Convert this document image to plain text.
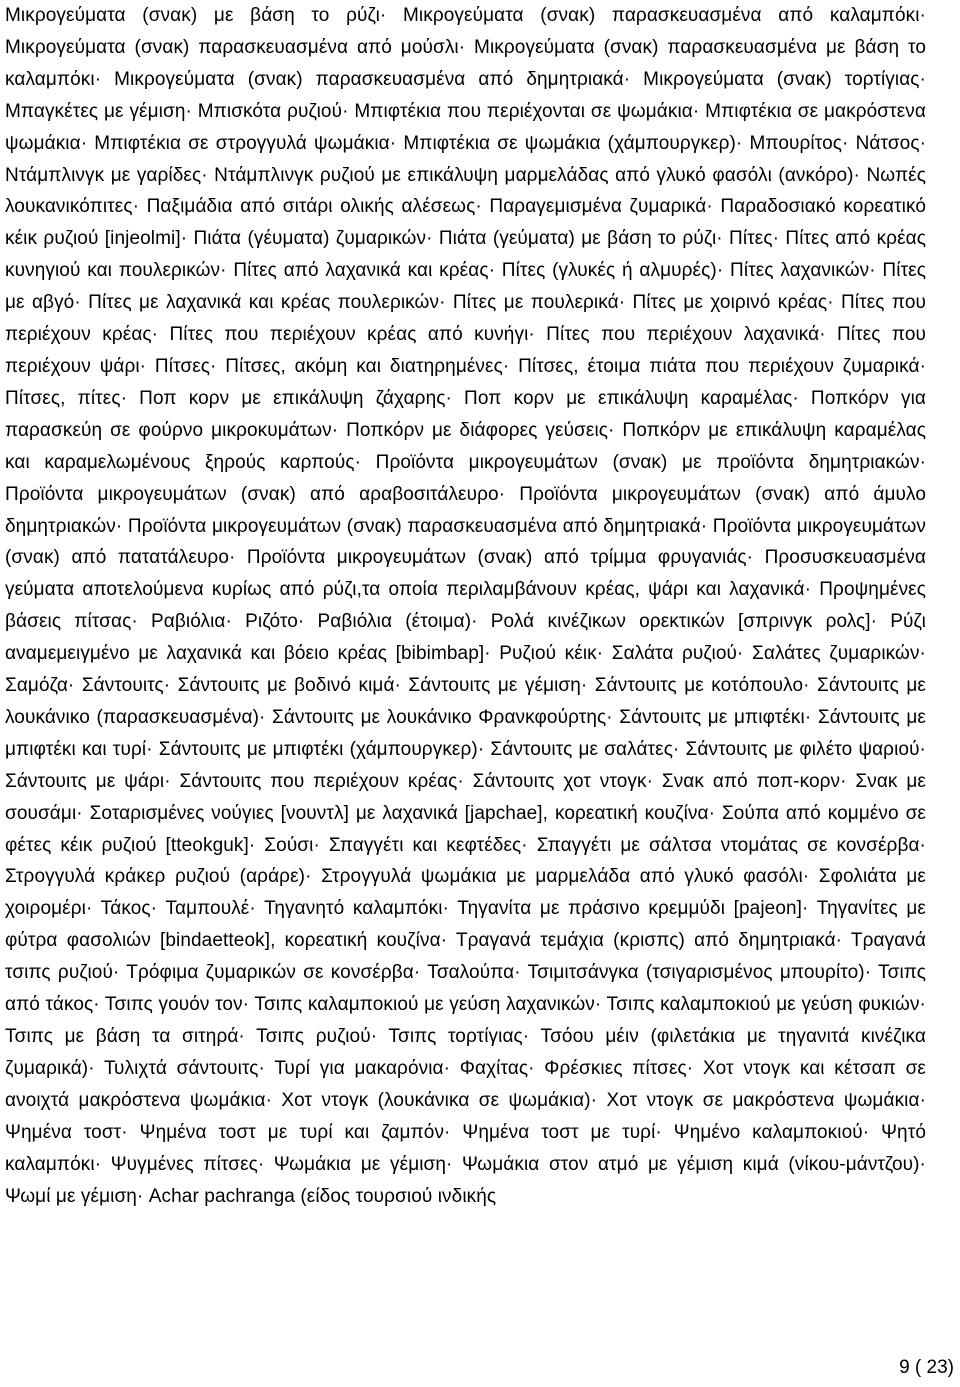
Μικρογεύματα (σνακ) με βάση το ρύζι· Μικρογεύματα (σνακ) παρασκευασμένα από καλαμπόκι· Μικρογεύματα (σνακ) παρασκευασμένα από μούσλι· Μικρογεύματα (σνακ) παρασκευασμένα με βάση το καλαμπόκι· Μικρογεύματα (σνακ) παρασκευασμένα από δημητριακά· Μικρογεύματα (σνακ) τορτίγιας· Μπαγκέτες με γέμιση· Μπισκότα ρυζιού· Μπιφτέκια που περιέχονται σε ψωμάκια· Μπιφτέκια σε μακρόστενα ψωμάκια· Μπιφτέκια σε στρογγυλά ψωμάκια· Μπιφτέκια σε ψωμάκια (χάμπουργκερ)· Μπουρίτος· Νάτσος· Ντάμπλινγκ με γαρίδες· Ντάμπλινγκ ρυζιού με επικάλυψη μαρμελάδας από γλυκό φασόλι (ανκόρο)· Νωπές λουκανικόπιτες· Παξιμάδια από σιτάρι ολικής αλέσεως· Παραγεμισμένα ζυμαρικά· Παραδοσιακό κορεατικό κέικ ρυζιού [injeolmi]· Πιάτα (γέυματα) ζυμαρικών· Πιάτα (γεύματα) με βάση το ρύζι· Πίτες· Πίτες από κρέας κυνηγιού και πουλερικών· Πίτες από λαχανικά και κρέας· Πίτες (γλυκές ή αλμυρές)· Πίτες λαχανικών· Πίτες με αβγό· Πίτες με λαχανικά και κρέας πουλερικών· Πίτες με πουλερικά· Πίτες με χοιρινό κρέας· Πίτες που περιέχουν κρέας· Πίτες που περιέχουν κρέας από κυνήγι· Πίτες που περιέχουν λαχανικά· Πίτες που περιέχουν ψάρι· Πίτσες· Πίτσες, ακόμη και διατηρημένες· Πίτσες, έτοιμα πιάτα που περιέχουν ζυμαρικά· Πίτσες, πίτες· Ποπ κορν με επικάλυψη ζάχαρης· Ποπ κορν με επικάλυψη καραμέλας· Ποπκόρν για παρασκεύη σε φούρνο μικροκυμάτων· Ποπκόρν με διάφορες γεύσεις· Ποπκόρν με επικάλυψη καραμέλας και καραμελωμένους ξηρούς καρπούς· Προϊόντα μικρογευμάτων (σνακ) με προϊόντα δημητριακών· Προϊόντα μικρογευμάτων (σνακ) από αραβοσιτάλευρο· Προϊόντα μικρογευμάτων (σνακ) από άμυλο δημητριακών· Προϊόντα μικρογευμάτων (σνακ) παρασκευασμένα από δημητριακά· Προϊόντα μικρογευμάτων (σνακ) από πατατάλευρο· Προϊόντα μικρογευμάτων (σνακ) από τρίμμα φρυγανιάς· Προσυσκευασμένα γεύματα αποτελούμενα κυρίως από ρύζι,τα οποία περιλαμβάνουν κρέας, ψάρι και λαχανικά· Προψημένες βάσεις πίτσας· Ραβιόλια· Ριζότο· Ραβιόλια (έτοιμα)· Ρολά κινέζικων ορεκτικών [σπρινγκ ρολς]· Ρύζι αναμεμειγμένο με λαχανικά και βόειο κρέας [bibimbap]· Ρυζιού κέικ· Σαλάτα ρυζιού· Σαλάτες ζυμαρικών· Σαμόζα· Σάντουιτς· Σάντουιτς με βοδινό κιμά· Σάντουιτς με γέμιση· Σάντουιτς με κοτόπουλο· Σάντουιτς με λουκάνικο (παρασκευασμένα)· Σάντουιτς με λουκάνικο Φρανκφούρτης· Σάντουιτς με μπιφτέκι· Σάντουιτς με μπιφτέκι και τυρί· Σάντουιτς με μπιφτέκι (χάμπουργκερ)· Σάντουιτς με σαλάτες· Σάντουιτς με φιλέτο ψαριού· Σάντουιτς με ψάρι· Σάντουιτς που περιέχουν κρέας· Σάντουιτς χοτ ντογκ· Σνακ από ποπ-κορν· Σνακ με σουσάμι· Σοταρισμένες νούγιες [νουντλ] με λαχανικά [japchae], κορεατική κουζίνα· Σούπα από κομμένο σε φέτες κέικ ρυζιού [tteokguk]· Σούσι· Σπαγγέτι και κεφτέδες· Σπαγγέτι με σάλτσα ντομάτας σε κονσέρβα· Στρογγυλά κράκερ ρυζιού (αράρε)· Στρογγυλά ψωμάκια με μαρμελάδα από γλυκό φασόλι· Σφολιάτα με χοιρομέρι· Τάκος· Ταμπουλέ· Τηγανητό καλαμπόκι· Τηγανίτα με πράσινο κρεμμύδι [pajeon]· Τηγανίτες με φύτρα φασολιών [bindaetteok], κορεατική κουζίνα· Τραγανά τεμάχια (κρισπς) από δημητριακά· Τραγανά τσιπς ρυζιού· Τρόφιμα ζυμαρικών σε κονσέρβα· Τσαλούπα· Τσιμιτσάνγκα (τσιγαρισμένος μπουρίτο)· Τσιπς από τάκος· Τσιπς γουόν τον· Τσιπς καλαμποκιού με γεύση λαχανικών· Τσιπς καλαμποκιού με γεύση φυκιών· Τσιπς με βάση τα σιτηρά· Τσιπς ρυζιού· Τσιπς τορτίγιας· Τσόου μέιν (φιλετάκια με τηγανιτά κινέζικα ζυμαρικά)· Τυλιχτά σάντουιτς· Τυρί για μακαρόνια· Φαχίτας· Φρέσκιες πίτσες· Χοτ ντογκ και κέτσαπ σε ανοιχτά μακρόστενα ψωμάκια· Χοτ ντογκ (λουκάνικα σε ψωμάκια)· Χοτ ντογκ σε μακρόστενα ψωμάκια· Ψημένα τοστ· Ψημένα τοστ με τυρί και ζαμπόν· Ψημένα τοστ με τυρί· Ψημένο καλαμποκιού· Ψητό καλαμπόκι· Ψυγμένες πίτσες· Ψωμάκια με γέμιση· Ψωμάκια στον ατμό με γέμιση κιμά (νίκου-μάντζου)· Ψωμί με γέμιση· Achar pachranga (είδος τουρσιού ινδικής

9 ( 23)
